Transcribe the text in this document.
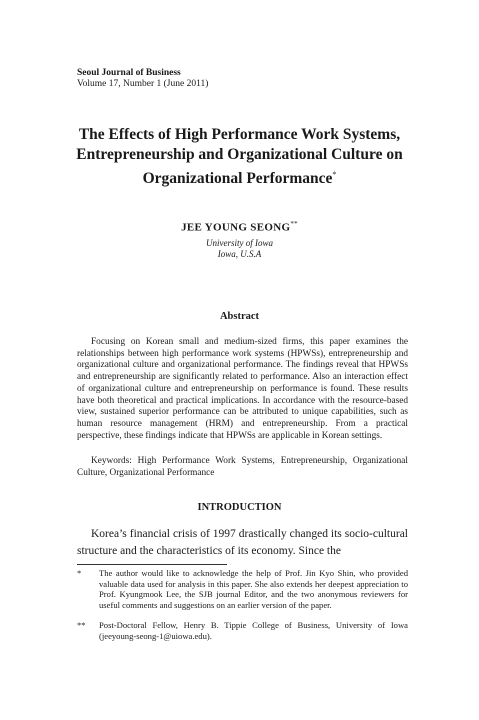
Seoul Journal of Business
Volume 17, Number 1 (June 2011)
The Effects of High Performance Work Systems,
Entrepreneurship and Organizational Culture on
Organizational Performance*
JEE YOUNG SEONG**
University of Iowa
Iowa, U.S.A
Abstract

Focusing on Korean small and medium-sized firms, this paper examines the relationships between high performance work systems (HPWSs), entrepreneurship and organizational culture and organizational performance. The findings reveal that HPWSs and entrepreneurship are significantly related to performance. Also an interaction effect of organizational culture and entrepreneurship on performance is found. These results have both theoretical and practical implications. In accordance with the resource-based view, sustained superior performance can be attributed to unique capabilities, such as human resource management (HRM) and entrepreneurship. From a practical perspective, these findings indicate that HPWSs are applicable in Korean settings.

Keywords: High Performance Work Systems, Entrepreneurship, Organizational Culture, Organizational Performance

INTRODUCTION

Korea’s financial crisis of 1997 drastically changed its socio-cultural structure and the characteristics of its economy. Since the

* The author would like to acknowledge the help of Prof. Jin Kyo Shin, who provided valuable data used for analysis in this paper. She also extends her deepest appreciation to Prof. Kyungmook Lee, the SJB journal Editor, and the two anonymous reviewers for useful comments and suggestions on an earlier version of the paper.
** Post-Doctoral Fellow, Henry B. Tippie College of Business, University of Iowa (jeeyoung-seong-1@uiowa.edu).
